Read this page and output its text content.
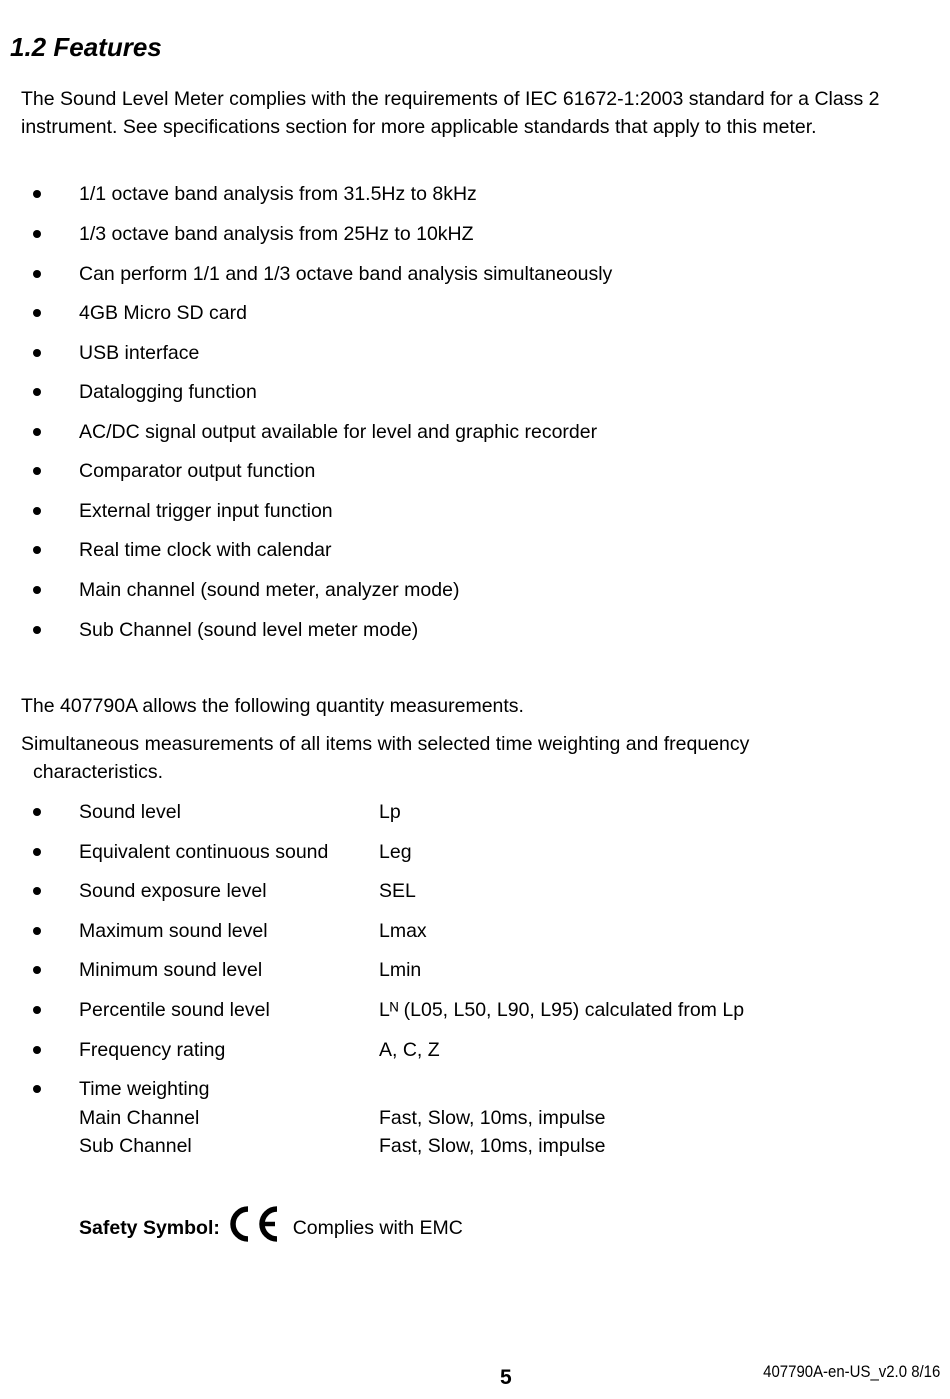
1.2 Features
The Sound Level Meter complies with the requirements of IEC 61672-1:2003 standard for a Class 2 instrument. See specifications section for more applicable standards that apply to this meter.
1/1 octave band analysis from 31.5Hz to 8kHz
1/3 octave band analysis from 25Hz to 10kHZ
Can perform 1/1 and 1/3 octave band analysis simultaneously
4GB Micro SD card
USB interface
Datalogging function
AC/DC signal output available for level and graphic recorder
Comparator output function
External trigger input function
Real time clock with calendar
Main channel (sound meter, analyzer mode)
Sub Channel (sound level meter mode)
The 407790A allows the following quantity measurements.
Simultaneous measurements of all items with selected time weighting and frequency characteristics.
Sound level	Lp
Equivalent continuous sound	Leg
Sound exposure level	SEL
Maximum sound level	Lmax
Minimum sound level	Lmin
Percentile sound level	Lᴺ (L05, L50, L90, L95) calculated from Lp
Frequency rating	A, C, Z
Time weighting
Main Channel	Fast, Slow, 10ms, impulse
Sub Channel	Fast, Slow, 10ms, impulse
Safety Symbol:	Complies with EMC
5	407790A-en-US_v2.0 8/16
